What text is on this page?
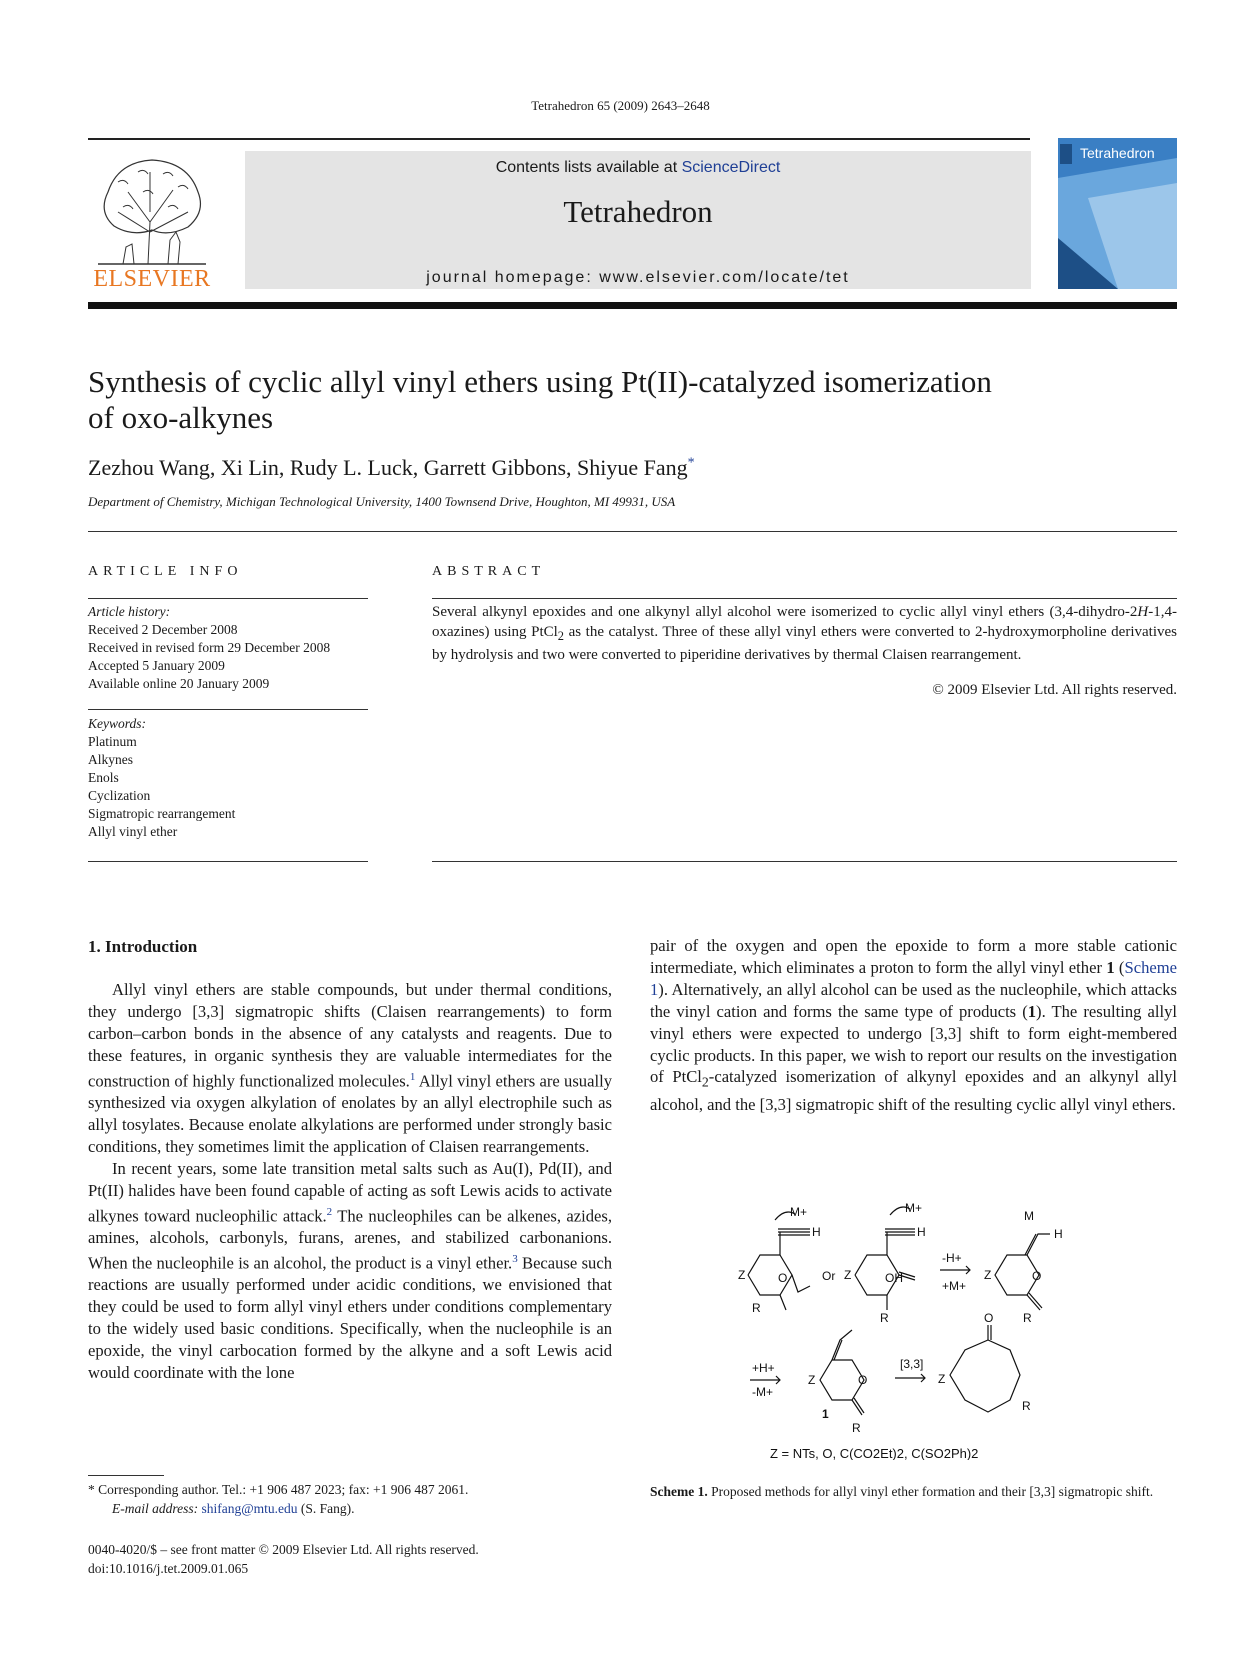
Tetrahedron 65 (2009) 2643–2648
ELSEVIER
Contents lists available at ScienceDirect
Tetrahedron
journal homepage: www.elsevier.com/locate/tet
Tetrahedron
Synthesis of cyclic allyl vinyl ethers using Pt(II)-catalyzed isomerization
of oxo-alkynes
Zezhou Wang, Xi Lin, Rudy L. Luck, Garrett Gibbons, Shiyue Fang*
Department of Chemistry, Michigan Technological University, 1400 Townsend Drive, Houghton, MI 49931, USA
ARTICLE INFO
Article history:
Received 2 December 2008
Received in revised form 29 December 2008
Accepted 5 January 2009
Available online 20 January 2009
Keywords:
Platinum
Alkynes
Enols
Cyclization
Sigmatropic rearrangement
Allyl vinyl ether
ABSTRACT
Several alkynyl epoxides and one alkynyl allyl alcohol were isomerized to cyclic allyl vinyl ethers (3,4-dihydro-2H-1,4-oxazines) using PtCl$_2$ as the catalyst. Three of these allyl vinyl ethers were converted to 2-hydroxymorpholine derivatives by hydrolysis and two were converted to piperidine derivatives by thermal Claisen rearrangement.
© 2009 Elsevier Ltd. All rights reserved.
1. Introduction

Allyl vinyl ethers are stable compounds, but under thermal conditions, they undergo [3,3] sigmatropic shifts (Claisen rearrangements) to form carbon–carbon bonds in the absence of any catalysts and reagents. Due to these features, in organic synthesis they are valuable intermediates for the construction of highly functionalized molecules.$^1$ Allyl vinyl ethers are usually synthesized via oxygen alkylation of enolates by an allyl electrophile such as allyl tosylates. Because enolate alkylations are performed under strongly basic conditions, they sometimes limit the application of Claisen rearrangements.

In recent years, some late transition metal salts such as Au(I), Pd(II), and Pt(II) halides have been found capable of acting as soft Lewis acids to activate alkynes toward nucleophilic attack.$^2$ The nucleophiles can be alkenes, azides, amines, alcohols, carbonyls, furans, arenes, and stabilized carbonanions. When the nucleophile is an alcohol, the product is a vinyl ether.$^3$ Because such reactions are usually performed under acidic conditions, we envisioned that they could be used to form allyl vinyl ethers under conditions complementary to the widely used basic conditions. Specifically, when the nucleophile is an epoxide, the vinyl carbocation formed by the alkyne and a soft Lewis acid would coordinate with the lone

pair of the oxygen and open the epoxide to form a more stable cationic intermediate, which eliminates a proton to form the allyl vinyl ether 1 (Scheme 1). Alternatively, an allyl alcohol can be used as the nucleophile, which attacks the vinyl cation and forms the same type of products (1). The resulting allyl vinyl ethers were expected to undergo [3,3] shift to form eight-membered cyclic products. In this paper, we wish to report our results on the investigation of PtCl$_2$-catalyzed isomerization of alkynyl epoxides and an alkynyl allyl alcohol, and the [3,3] sigmatropic shift of the resulting cyclic allyl vinyl ethers.

M+
H
Z	O
R
Or
M+
H
Z	OH
R
-H+
+M+
M
H
Z	O
R
+H+
-M+
Z	O
1
R
[3,3]
Z
O
R
Z = NTs, O, C(CO2Et)2, C(SO2Ph)2
Scheme 1. Proposed methods for allyl vinyl ether formation and their [3,3] sigmatropic shift.
* Corresponding author. Tel.: +1 906 487 2023; fax: +1 906 487 2061.
E-mail address: shifang@mtu.edu (S. Fang).
0040-4020/$ – see front matter © 2009 Elsevier Ltd. All rights reserved.
doi:10.1016/j.tet.2009.01.065
